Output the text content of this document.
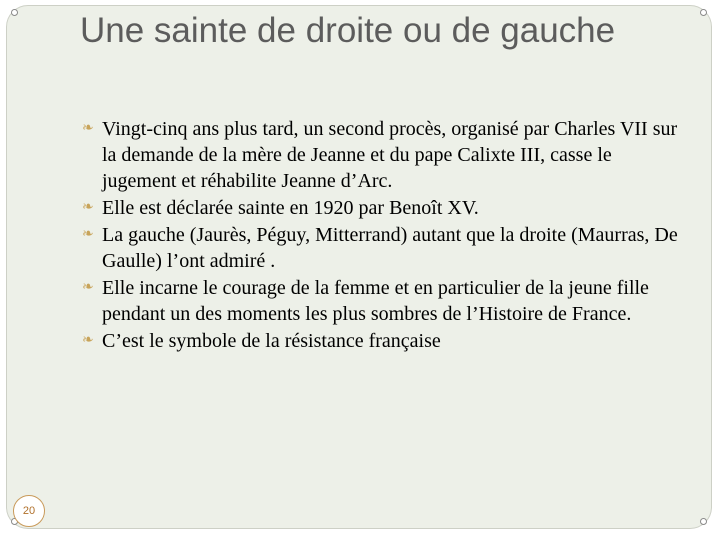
Une sainte de droite ou de gauche
❧ Vingt-cinq ans plus tard, un second procès, organisé par Charles VII sur la demande de la mère de Jeanne et du pape Calixte III, casse le jugement et réhabilite Jeanne d’Arc.
❧ Elle est déclarée sainte en 1920 par Benoît XV.
❧ La gauche (Jaurès, Péguy, Mitterrand) autant que la droite (Maurras, De Gaulle) l’ont admiré .
❧ Elle incarne le courage de la femme et en particulier de la jeune fille pendant un des moments les plus sombres de l’Histoire de France.
❧ C’est le symbole de la résistance française
20
